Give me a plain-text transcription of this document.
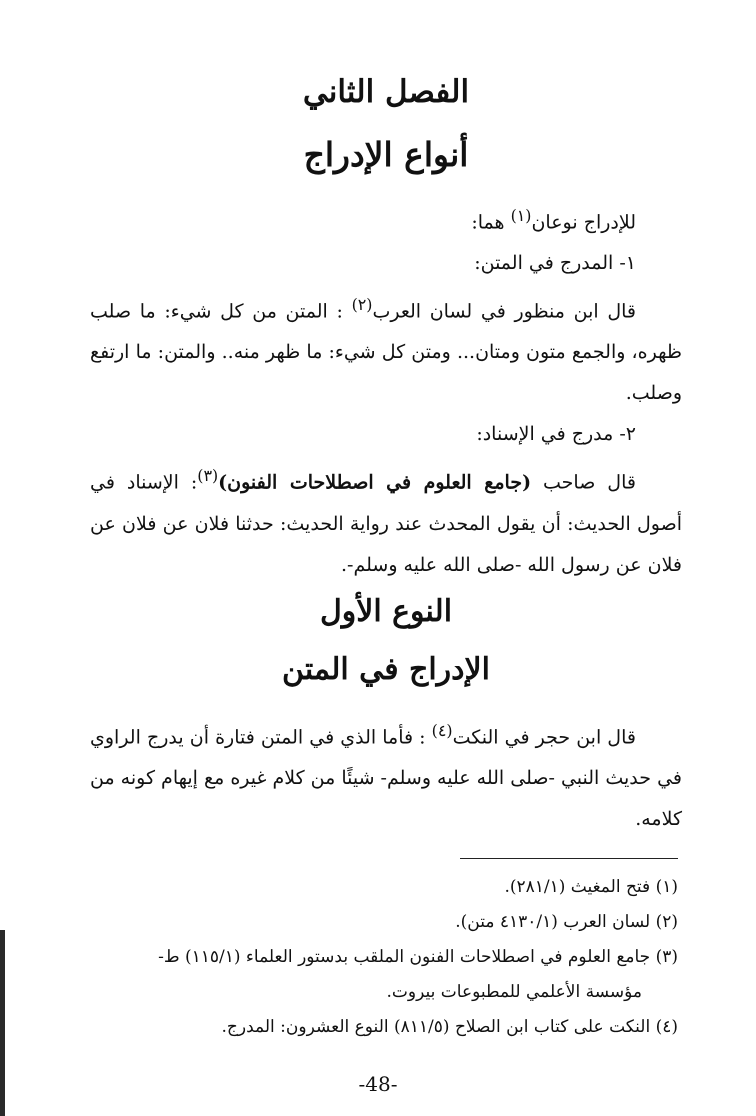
الفصل الثاني
أنواع الإدراج

للإدراج نوعان$^{(١)}$ هما:

١- المدرج في المتن:

قال ابن منظور في لسان العرب$^{(٢)}$ : المتن من كل شيء: ما صلب ظهره، والجمع متون ومتان... ومتن كل شيء: ما ظهر منه.. والمتن: ما ارتفع وصلب.

٢- مدرج في الإسناد:

قال صاحب (جامع العلوم في اصطلاحات الفنون)$^{(٣)}$: الإسناد في أصول الحديث: أن يقول المحدث عند رواية الحديث: حدثنا فلان عن فلان عن فلان عن رسول الله -صلى الله عليه وسلم-.

النوع الأول
الإدراج في المتن

قال ابن حجر في النكت$^{(٤)}$ : فأما الذي في المتن فتارة أن يدرج الراوي في حديث النبي -صلى الله عليه وسلم- شيئًا من كلام غيره مع إيهام كونه من كلامه.

(١) فتح المغيث (٢٨١/١).

(٢) لسان العرب (٤١٣٠/١ متن).

(٣) جامع العلوم في اصطلاحات الفنون الملقب بدستور العلماء (١١٥/١) ط-

مؤسسة الأعلمي للمطبوعات بيروت.

(٤) النكت على كتاب ابن الصلاح (٨١١/٥) النوع العشرون: المدرج.

-48-
